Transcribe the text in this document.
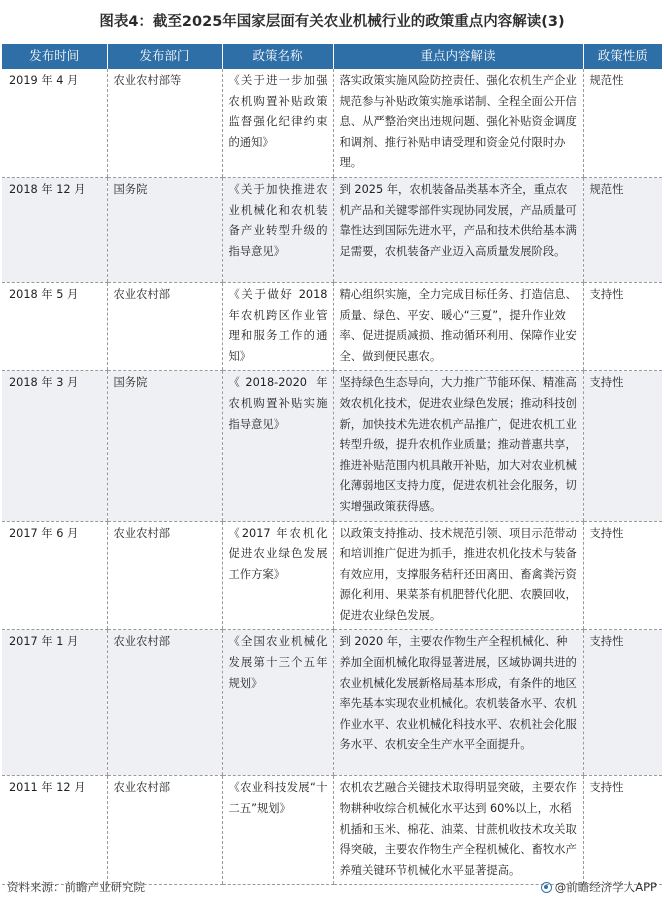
图表4：截至2025年国家层面有关农业机械行业的政策重点内容解读(3)
发布时间	发布部门	政策名称	重点内容解读	政策性质
2019 年 4 月	农业农村部等	《关于进一步加强农机购置补贴政策监督强化纪律约束的通知》	落实政策实施风险防控责任、强化农机生产企业规范参与补贴政策实施承诺制、全程全面公开信息、从严整治突出违规问题、强化补贴资金调度和调剂、推行补贴申请受理和资金兑付限时办理。	规范性
2018 年 12 月	国务院	《关于加快推进农业机械化和农机装备产业转型升级的指导意见》	到 2025 年，农机装备品类基本齐全，重点农机产品和关键零部件实现协同发展，产品质量可靠性达到国际先进水平，产品和技术供给基本满足需要，农机装备产业迈入高质量发展阶段。	规范性
2018 年 5 月	农业农村部	《关于做好 2018 年农机跨区作业管理和服务工作的通知》	精心组织实施，全力完成目标任务、打造信息、质量、绿色、平安、暖心“三夏”，提升作业效率、促进提质减损、推动循环利用、保障作业安全、做到便民惠农。	支持性
2018 年 3 月	国务院	《2018-2020 年农机购置补贴实施指导意见》	坚持绿色生态导向，大力推广节能环保、精准高效农机化技术，促进农业绿色发展；推动科技创新，加快技术先进农机产品推广，促进农机工业转型升级，提升农机作业质量；推动普惠共享，推进补贴范围内机具敞开补贴，加大对农业机械化薄弱地区支持力度，促进农机社会化服务，切实增强政策获得感。	支持性
2017 年 6 月	农业农村部	《2017 年农机化促进农业绿色发展工作方案》	以政策支持推动、技术规范引领、项目示范带动和培训推广促进为抓手，推进农机化技术与装备有效应用，支撑服务秸秆还田离田、畜禽粪污资源化利用、果菜茶有机肥替代化肥、农膜回收，促进农业绿色发展。	支持性
2017 年 1 月	农业农村部	《全国农业机械化发展第十三个五年规划》	到 2020 年，主要农作物生产全程机械化、种养加全面机械化取得显著进展，区域协调共进的农业机械化发展新格局基本形成，有条件的地区率先基本实现农业机械化。农机装备水平、农机作业水平、农业机械化科技水平、农机社会化服务水平、农机安全生产水平全面提升。	支持性
2011 年 12 月	农业农村部	《农业科技发展“十二五”规划》	农机农艺融合关键技术取得明显突破，主要农作物耕种收综合机械化水平达到 60%以上，水稻机插和玉米、棉花、油菜、甘蔗机收技术攻关取得突破，主要农作物生产全程机械化、畜牧水产养殖关键环节机械化水平显著提高。	支持性
资料来源：前瞻产业研究院	@前瞻经济学人APP
